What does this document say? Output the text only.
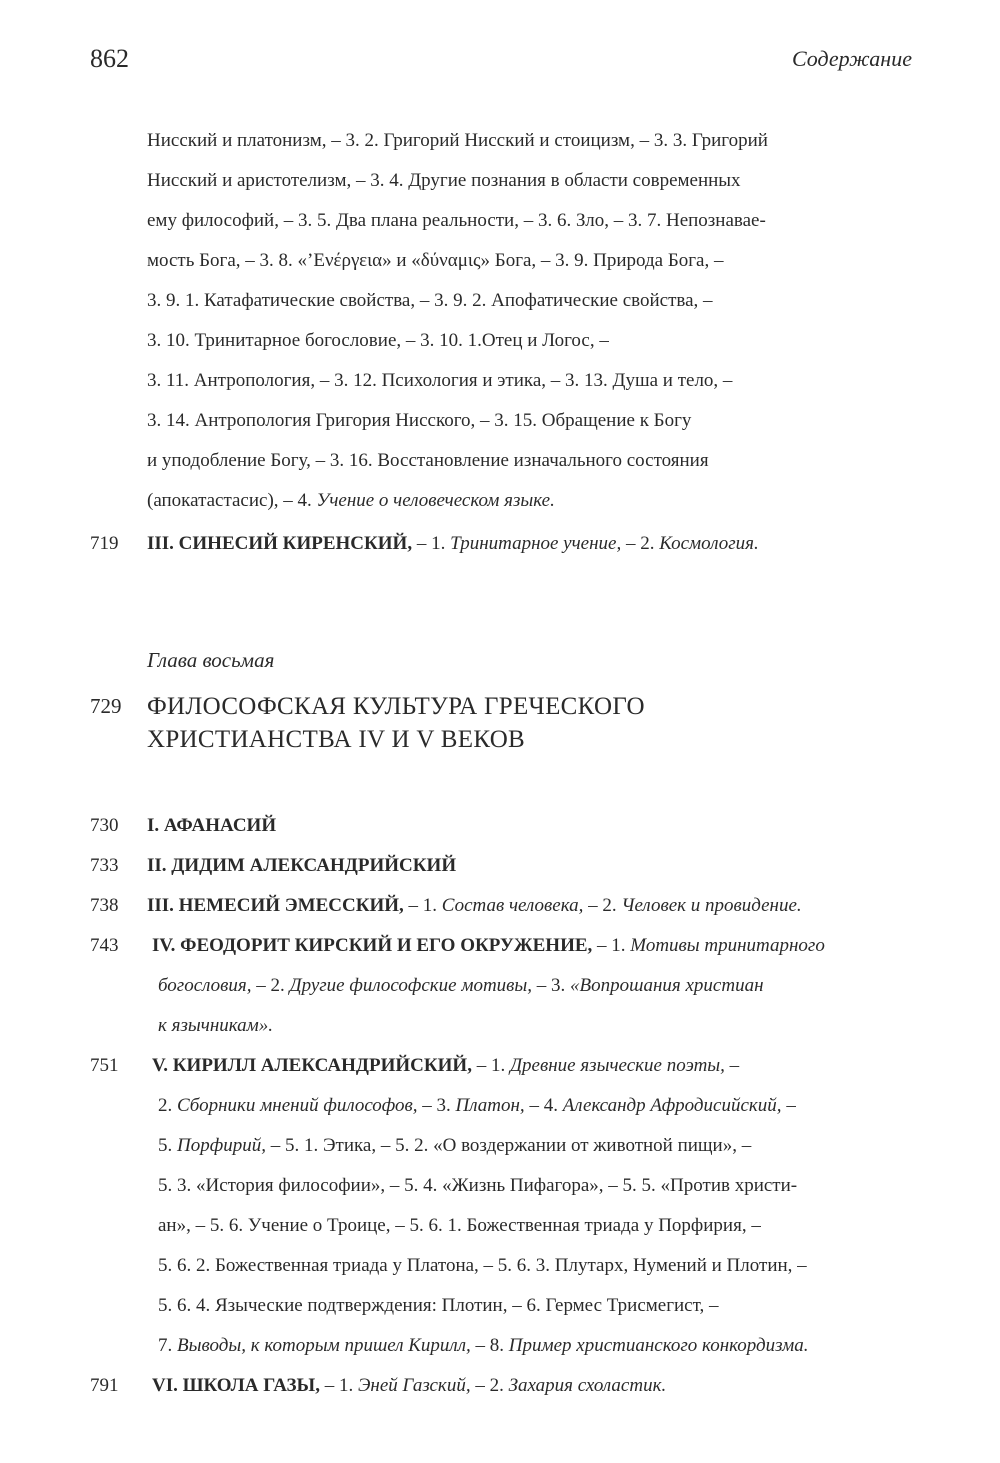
862	Содержание
Нисский и платонизм, – 3. 2. Григорий Нисский и стоицизм, – 3. 3. Григорий
Нисский и аристотелизм, – 3. 4. Другие познания в области современных
ему философий, – 3. 5. Два плана реальности, – 3. 6. Зло, – 3. 7. Непознавае-
мость Бога, – 3. 8. «’Ενέργεια» и «δύναμις» Бога, – 3. 9. Природа Бога, –
3. 9. 1. Катафатические свойства, – 3. 9. 2. Апофатические свойства, –
3. 10. Тринитарное богословие, – 3. 10. 1.Отец и Логос, –
3. 11. Антропология, – 3. 12. Психология и этика, – 3. 13. Душа и тело, –
3. 14. Антропология Григория Нисского, – 3. 15. Обращение к Богу
и уподобление Богу, – 3. 16. Восстановление изначального состояния
(апокатастасис), – 4. Учение о человеческом языке.
719 III. СИНЕСИЙ КИРЕНСКИЙ, – 1. Тринитарное учение, – 2. Космология.
730 I. АФАНАСИЙ
733 II. ДИДИМ АЛЕКСАНДРИЙСКИЙ
738 III. НЕМЕСИЙ ЭМЕССКИЙ, – 1. Состав человека, – 2. Человек и провидение.
743 IV. ФЕОДОРИТ КИРСКИЙ И ЕГО ОКРУЖЕНИЕ, – 1. Мотивы тринитарного
богословия, – 2. Другие философские мотивы, – 3. «Вопрошания христиан
к язычникам».
751 V. КИРИЛЛ АЛЕКСАНДРИЙСКИЙ, – 1. Древние языческие поэты, –
2. Сборники мнений философов, – 3. Платон, – 4. Александр Афродисийский, –
5. Порфирий, – 5. 1. Этика, – 5. 2. «О воздержании от животной пищи», –
5. 3. «История философии», – 5. 4. «Жизнь Пифагора», – 5. 5. «Против христи-
ан», – 5. 6. Учение о Троице, – 5. 6. 1. Божественная триада у Порфирия, –
5. 6. 2. Божественная триада у Платона, – 5. 6. 3. Плутарх, Нумений и Плотин, –
5. 6. 4. Языческие подтверждения: Плотин, – 6. Гермес Трисмегист, –
7. Выводы, к которым пришел Кирилл, – 8. Пример христианского конкордизма.
791 VI. ШКОЛА ГАЗЫ, – 1. Эней Газский, – 2. Захария схоластик.
Глава восьмая
729 ФИЛОСОФСКАЯ КУЛЬТУРА ГРЕЧЕСКОГО
ХРИСТИАНСТВА IV И V ВЕКОВ
